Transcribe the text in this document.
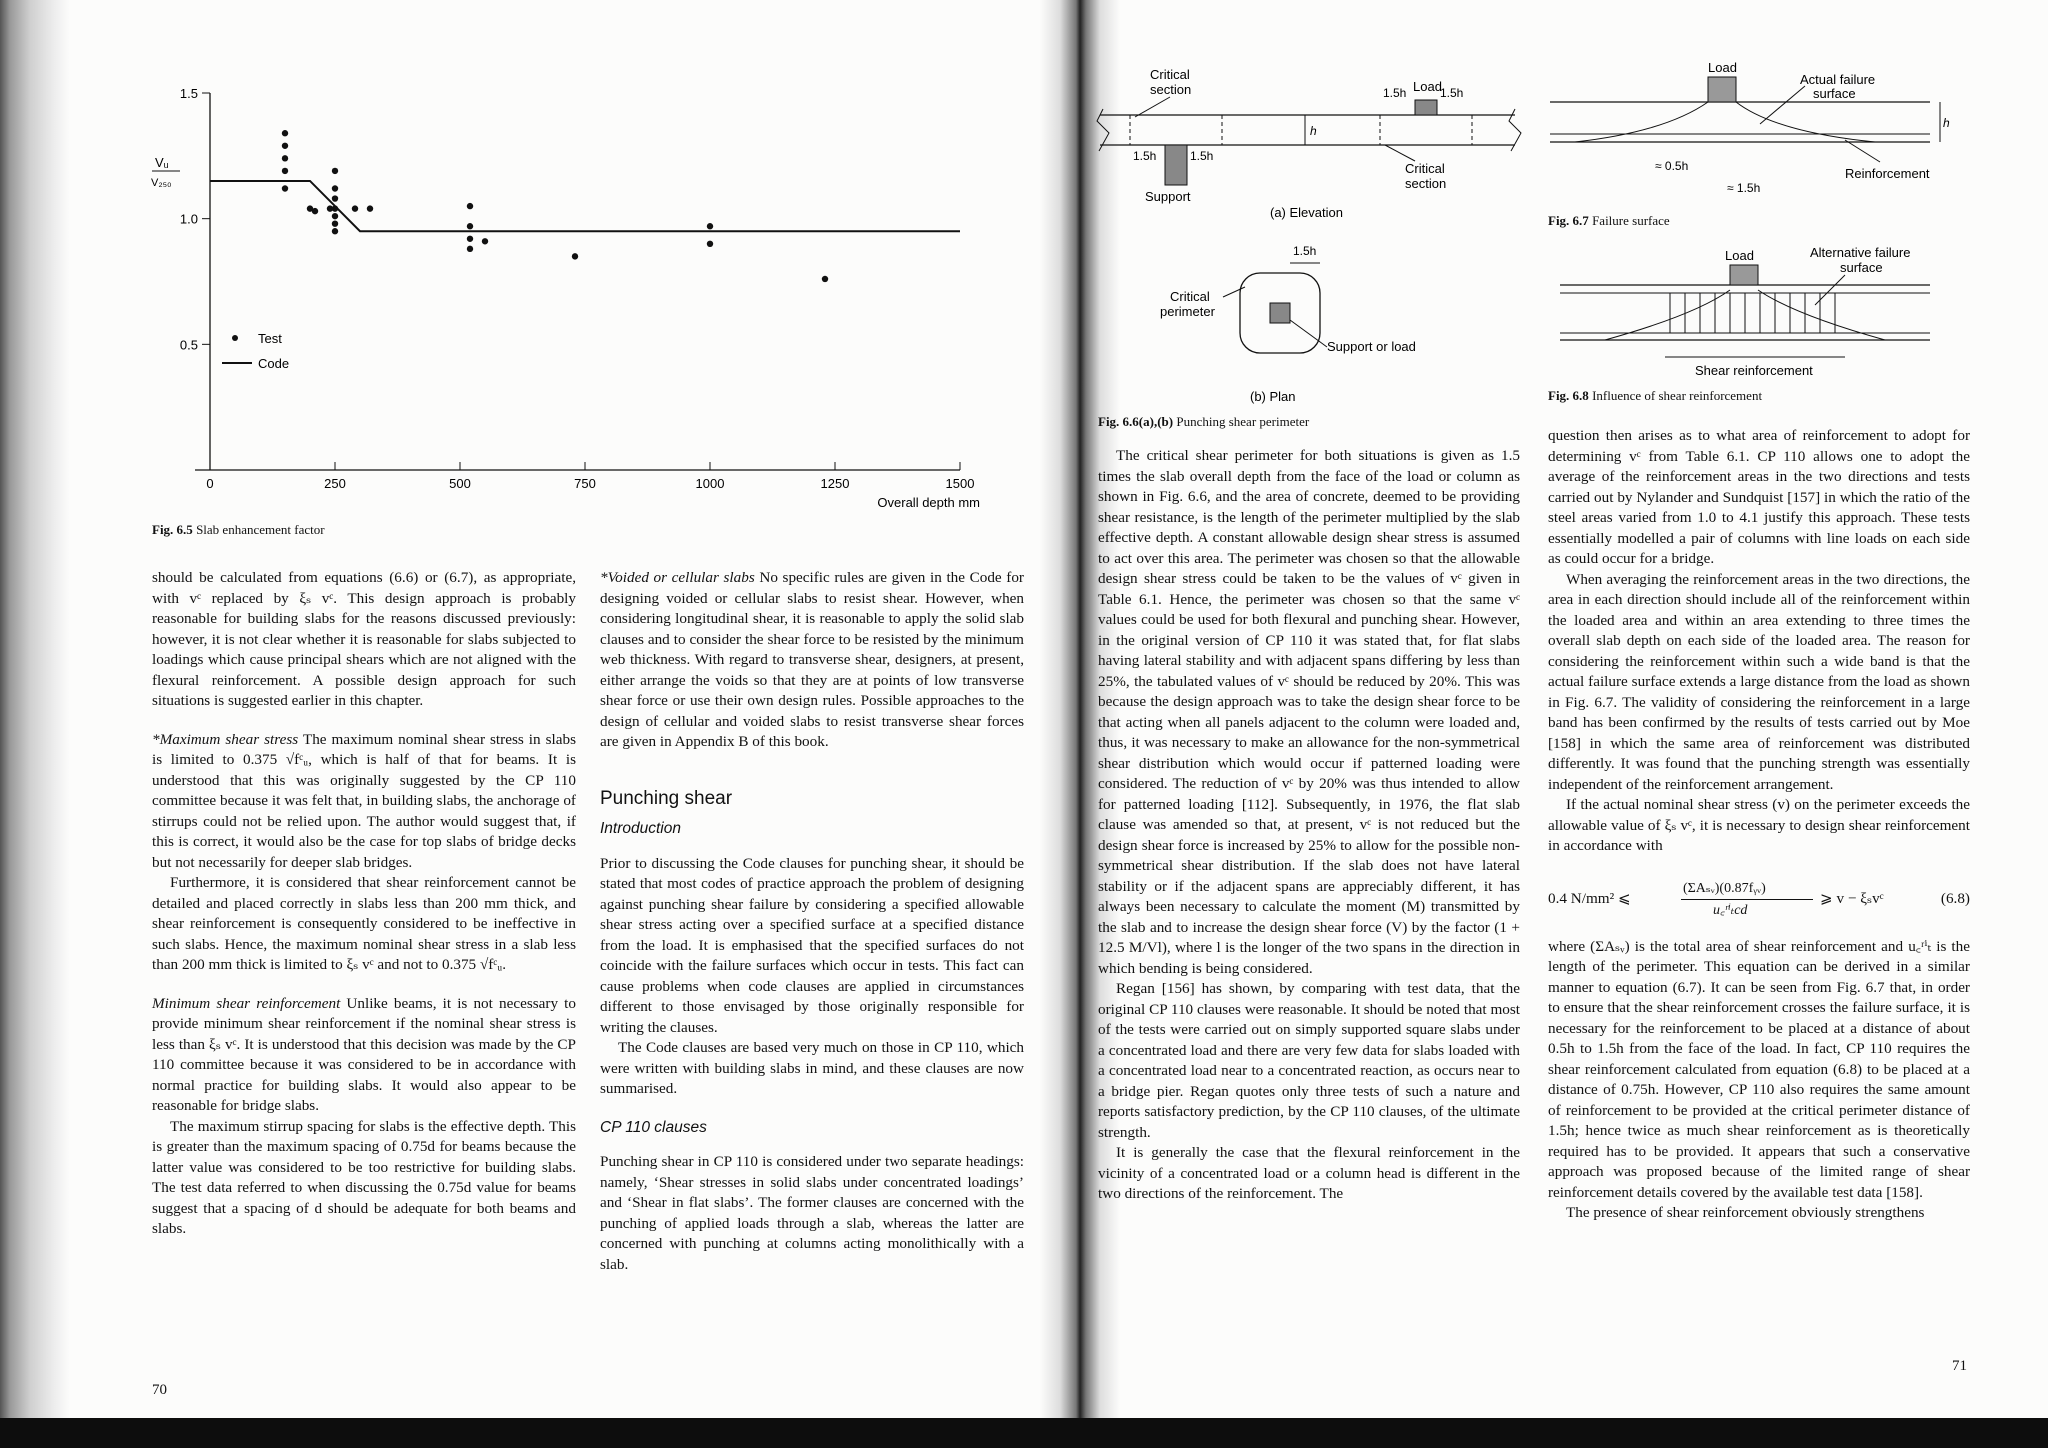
0.5
1.0
1.5
0	250	500	750	1000	1250	1500
Vᵤ
V₂₅₀
Test
Code
Overall depth mm
Fig. 6.5 Slab enhancement factor

should be calculated from equations (6.6) or (6.7), as appropriate, with vᶜ replaced by ξₛ vᶜ. This design approach is probably reasonable for building slabs for the reasons discussed previously: however, it is not clear whether it is reasonable for slabs subjected to loadings which cause principal shears which are not aligned with the flexural reinforcement. A possible design approach for such situations is suggested earlier in this chapter.

*Maximum shear stress The maximum nominal shear stress in slabs is limited to 0.375 √fᶜᵤ, which is half of that for beams. It is understood that this was originally suggested by the CP 110 committee because it was felt that, in building slabs, the anchorage of stirrups could not be relied upon. The author would suggest that, if this is correct, it would also be the case for top slabs of bridge decks but not necessarily for deeper slab bridges.

Furthermore, it is considered that shear reinforcement cannot be detailed and placed correctly in slabs less than 200 mm thick, and shear reinforcement is consequently considered to be ineffective in such slabs. Hence, the maximum nominal shear stress in a slab less than 200 mm thick is limited to ξₛ vᶜ and not to 0.375 √fᶜᵤ.

Minimum shear reinforcement Unlike beams, it is not necessary to provide minimum shear reinforcement if the nominal shear stress is less than ξₛ vᶜ. It is understood that this decision was made by the CP 110 committee because it was considered to be in accordance with normal practice for building slabs. It would also appear to be reasonable for bridge slabs.

The maximum stirrup spacing for slabs is the effective depth. This is greater than the maximum spacing of 0.75d for beams because the latter value was considered to be too restrictive for building slabs. The test data referred to when discussing the 0.75d value for beams suggest that a spacing of d should be adequate for both beams and slabs.

*Voided or cellular slabs No specific rules are given in the Code for designing voided or cellular slabs to resist shear. However, when considering longitudinal shear, it is reasonable to apply the solid slab clauses and to consider the shear force to be resisted by the minimum web thickness. With regard to transverse shear, designers, at present, either arrange the voids so that they are at points of low transverse shear force or use their own design rules. Possible approaches to the design of cellular and voided slabs to resist transverse shear forces are given in Appendix B of this book.

Punching shear
Introduction

Prior to discussing the Code clauses for punching shear, it should be stated that most codes of practice approach the problem of designing against punching shear failure by considering a specified allowable shear stress acting over a specified surface at a specified distance from the load. It is emphasised that the specified surfaces do not coincide with the failure surfaces which occur in tests. This fact can cause problems when code clauses are applied in circumstances different to those envisaged by those originally responsible for writing the clauses.

The Code clauses are based very much on those in CP 110, which were written with building slabs in mind, and these clauses are now summarised.

CP 110 clauses

Punching shear in CP 110 is considered under two separate headings: namely, ‘Shear stresses in solid slabs under concentrated loadings’ and ‘Shear in flat slabs’. The former clauses are concerned with the punching of applied loads through a slab, whereas the latter are concerned with punching at columns acting monolithically with a slab.

70
Critical
section	Load
1.5h	1.5h
1.5h	1.5h
h
Support
Critical
section
(a) Elevation
1.5h
Critical
perimeter
Support or load
(b) Plan
Fig. 6.6(a),(b) Punching shear perimeter
Load
Actual failure
surface
Reinforcement
≈ 0.5h
≈ 1.5h
h
Fig. 6.7 Failure surface
Load	Alternative failure
surface
Shear reinforcement
Fig. 6.8 Influence of shear reinforcement

The critical shear perimeter for both situations is given as 1.5 times the slab overall depth from the face of the load or column as shown in Fig. 6.6, and the area of concrete, deemed to be providing shear resistance, is the length of the perimeter multiplied by the slab effective depth. A constant allowable design shear stress is assumed to act over this area. The perimeter was chosen so that the allowable design shear stress could be taken to be the values of vᶜ given in Table 6.1. Hence, the perimeter was chosen so that the same vᶜ values could be used for both flexural and punching shear. However, in the original version of CP 110 it was stated that, for flat slabs having lateral stability and with adjacent spans differing by less than 25%, the tabulated values of vᶜ should be reduced by 20%. This was because the design approach was to take the design shear force to be that acting when all panels adjacent to the column were loaded and, thus, it was necessary to make an allowance for the non-symmetrical shear distribution which would occur if patterned loading were considered. The reduction of vᶜ by 20% was thus intended to allow for patterned loading [112]. Subsequently, in 1976, the flat slab clause was amended so that, at present, vᶜ is not reduced but the design shear force is increased by 25% to allow for the possible non-symmetrical shear distribution. If the slab does not have lateral stability or if the adjacent spans are appreciably different, it has always been necessary to calculate the moment (M) transmitted by the slab and to increase the design shear force (V) by the factor (1 + 12.5 M/Vl), where l is the longer of the two spans in the direction in which bending is being considered.

Regan [156] has shown, by comparing with test data, that the original CP 110 clauses were reasonable. It should be noted that most of the tests were carried out on simply supported square slabs under a concentrated load and there are very few data for slabs loaded with a concentrated load near to a concentrated reaction, as occurs near to a bridge pier. Regan quotes only three tests of such a nature and reports satisfactory prediction, by the CP 110 clauses, of the ultimate strength.

It is generally the case that the flexural reinforcement in the vicinity of a concentrated load or a column head is different in the two directions of the reinforcement. The

question then arises as to what area of reinforcement to adopt for determining vᶜ from Table 6.1. CP 110 allows one to adopt the average of the reinforcement areas in the two directions and tests carried out by Nylander and Sundquist [157] in which the ratio of the steel areas varied from 1.0 to 4.1 justify this approach. These tests essentially modelled a pair of columns with line loads on each side as could occur for a bridge.

When averaging the reinforcement areas in the two directions, the area in each direction should include all of the reinforcement within the loaded area and within an area extending to three times the overall slab depth on each side of the loaded area. The reason for considering the reinforcement within such a wide band is that the actual failure surface extends a large distance from the load as shown in Fig. 6.7. The validity of considering the reinforcement in a large band has been confirmed by the results of tests carried out by Moe [158] in which the same area of reinforcement was distributed differently. It was found that the punching strength was essentially independent of the reinforcement arrangement.

If the actual nominal shear stress (v) on the perimeter exceeds the allowable value of ξₛ vᶜ, it is necessary to design shear reinforcement in accordance with

0.4 N/mm² ⩽
(ΣAₛᵥ)(0.87fᵧᵥ)
u꜀ʳⁱₜcd
⩾ v − ξₛvᶜ	(6.8)

where (ΣAₛᵥ) is the total area of shear reinforcement and u꜀ʳⁱₜ is the length of the perimeter. This equation can be derived in a similar manner to equation (6.7). It can be seen from Fig. 6.7 that, in order to ensure that the shear reinforcement crosses the failure surface, it is necessary for the reinforcement to be placed at a distance of about 0.5h to 1.5h from the face of the load. In fact, CP 110 requires the shear reinforcement calculated from equation (6.8) to be placed at a distance of 0.75h. However, CP 110 also requires the same amount of reinforcement to be provided at the critical perimeter distance of 1.5h; hence twice as much shear reinforcement as is theoretically required has to be provided. It appears that such a conservative approach was proposed because of the limited range of shear reinforcement details covered by the available test data [158].

The presence of shear reinforcement obviously strengthens

71
